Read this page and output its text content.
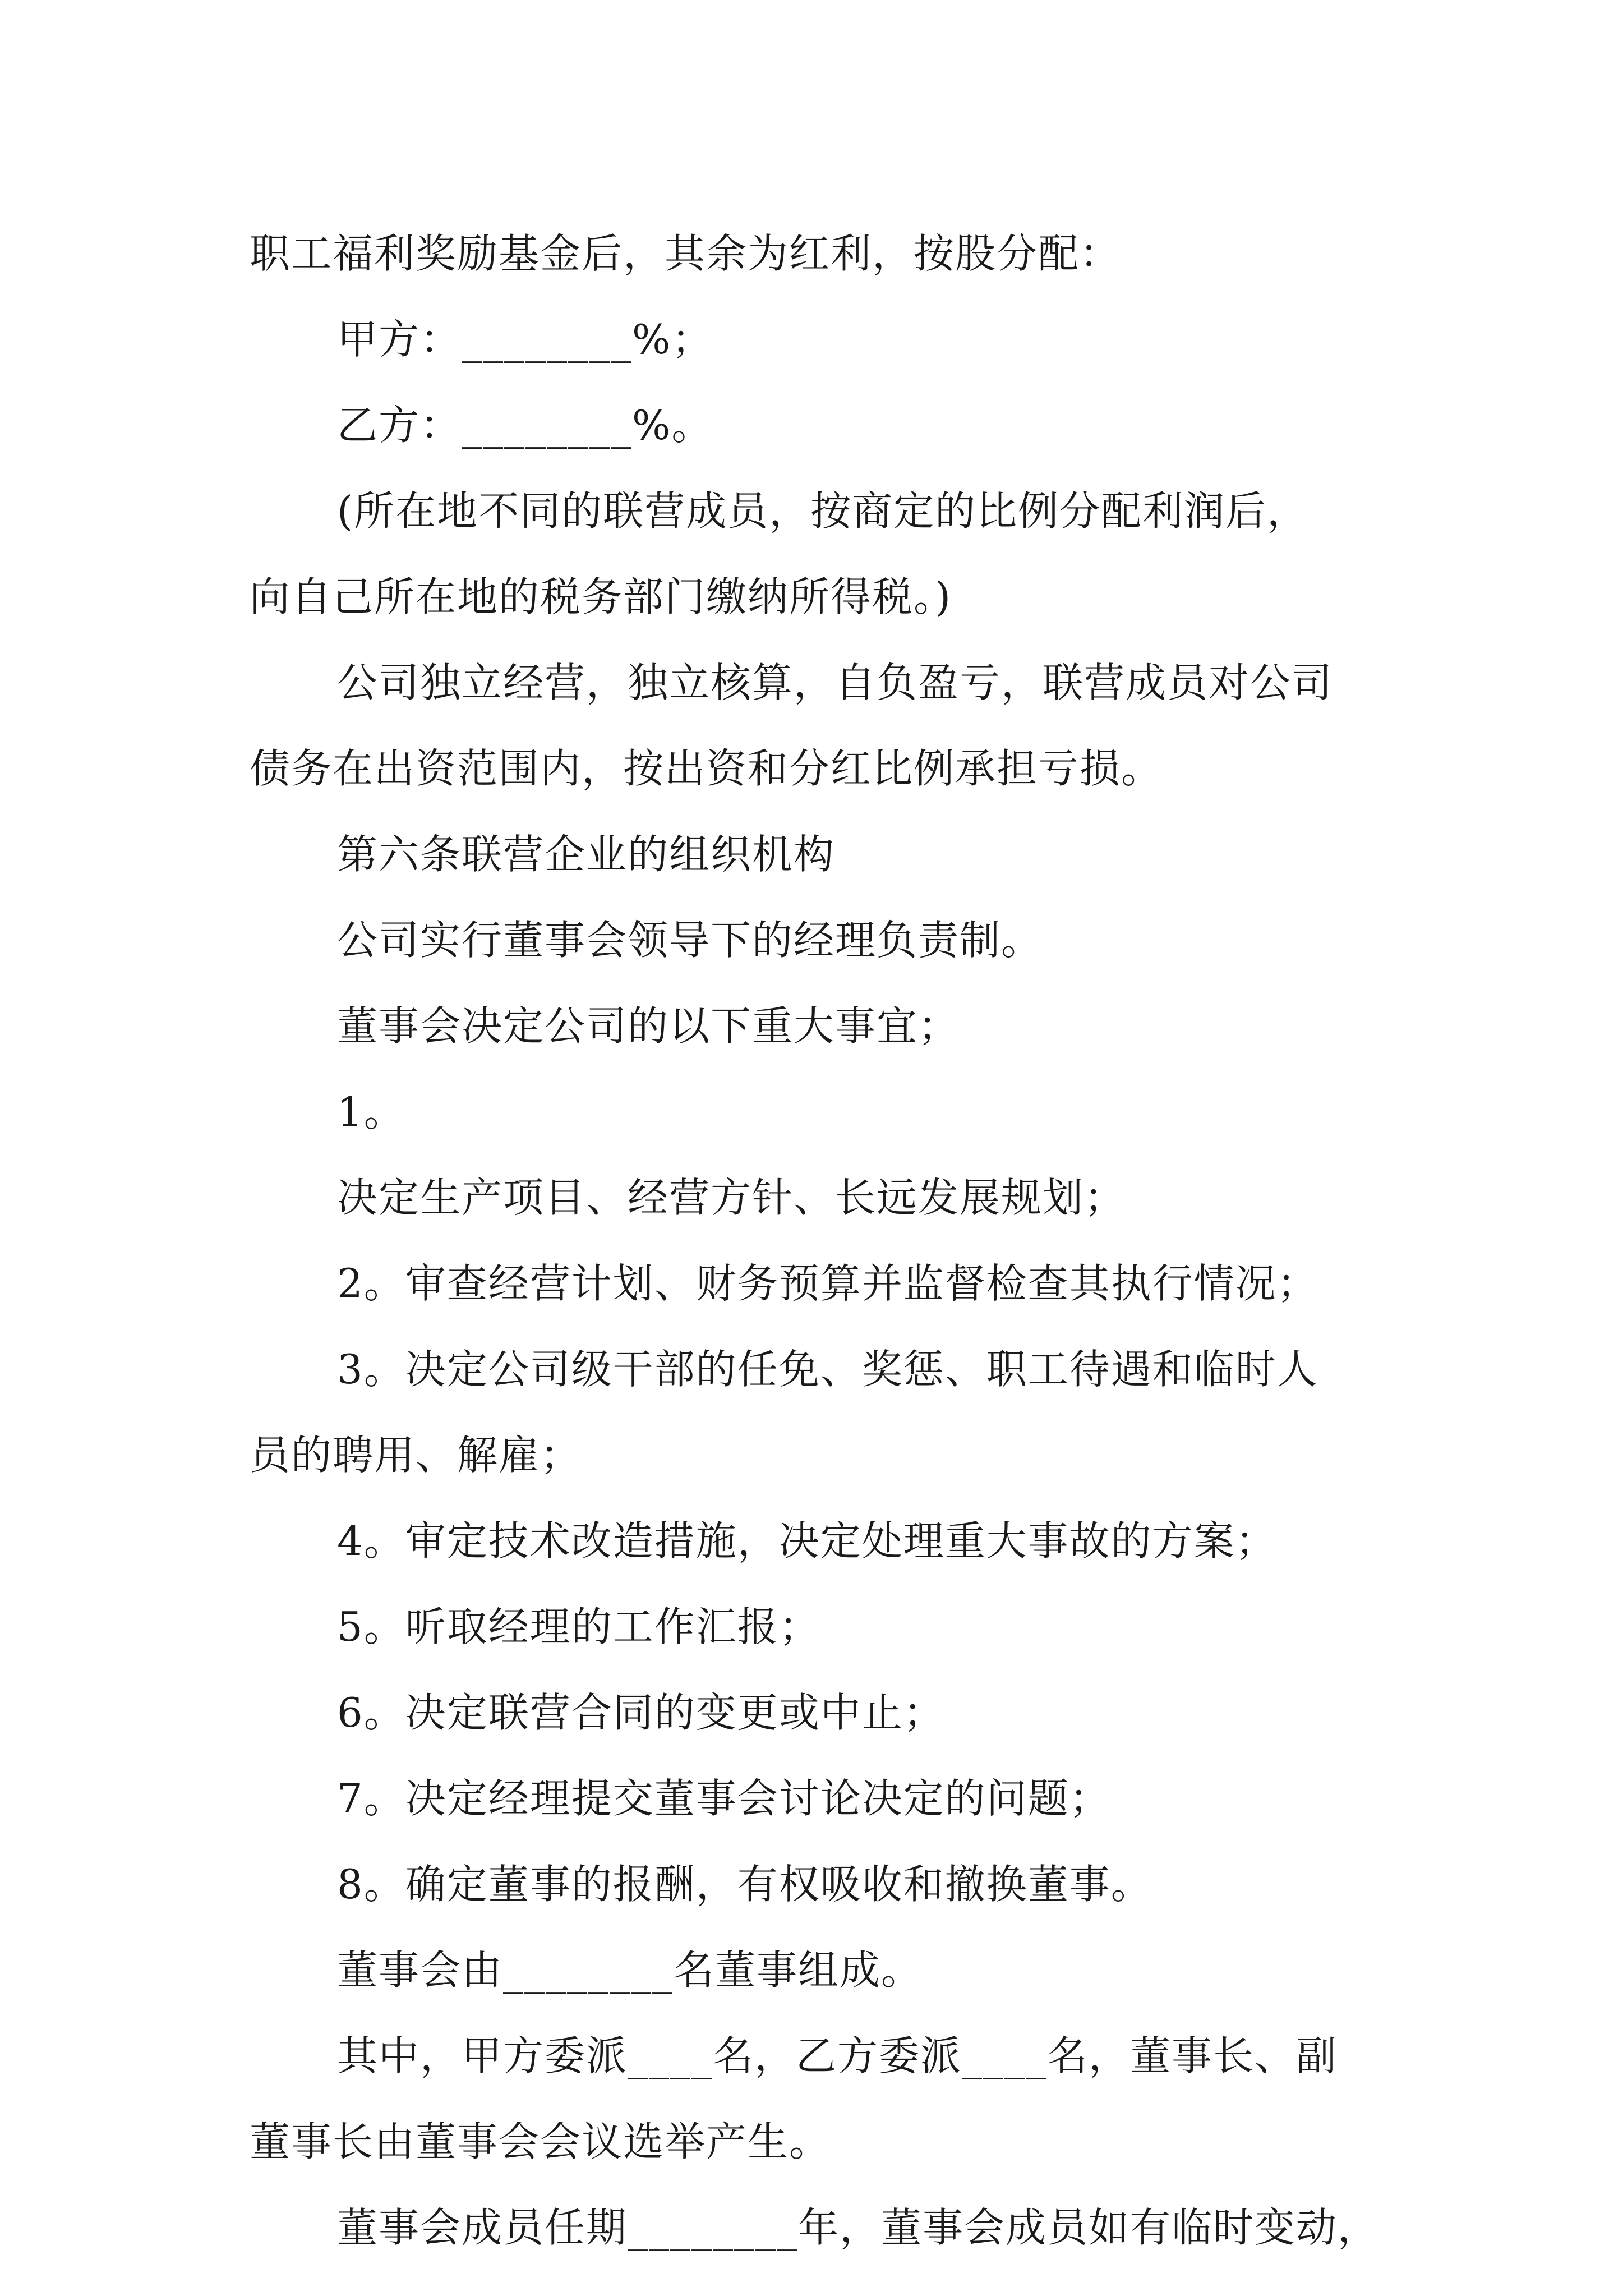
职工福利奖励基金后，其余为红利，按股分配：

甲方：________%；

乙方：________%。

(所在地不同的联营成员，按商定的比例分配利润后，

向自己所在地的税务部门缴纳所得税。)

公司独立经营，独立核算，自负盈亏，联营成员对公司

债务在出资范围内，按出资和分红比例承担亏损。

第六条联营企业的组织机构

公司实行董事会领导下的经理负责制。

董事会决定公司的以下重大事宜；

1。

决定生产项目、经营方针、长远发展规划；

2。审查经营计划、财务预算并监督检查其执行情况；

3。决定公司级干部的任免、奖惩、职工待遇和临时人

员的聘用、解雇；

4。审定技术改造措施，决定处理重大事故的方案；

5。听取经理的工作汇报；

6。决定联营合同的变更或中止；

7。决定经理提交董事会讨论决定的问题；

8。确定董事的报酬，有权吸收和撤换董事。

董事会由________名董事组成。

其中，甲方委派____名，乙方委派____名，董事长、副

董事长由董事会会议选举产生。

董事会成员任期________年，董事会成员如有临时变动，
